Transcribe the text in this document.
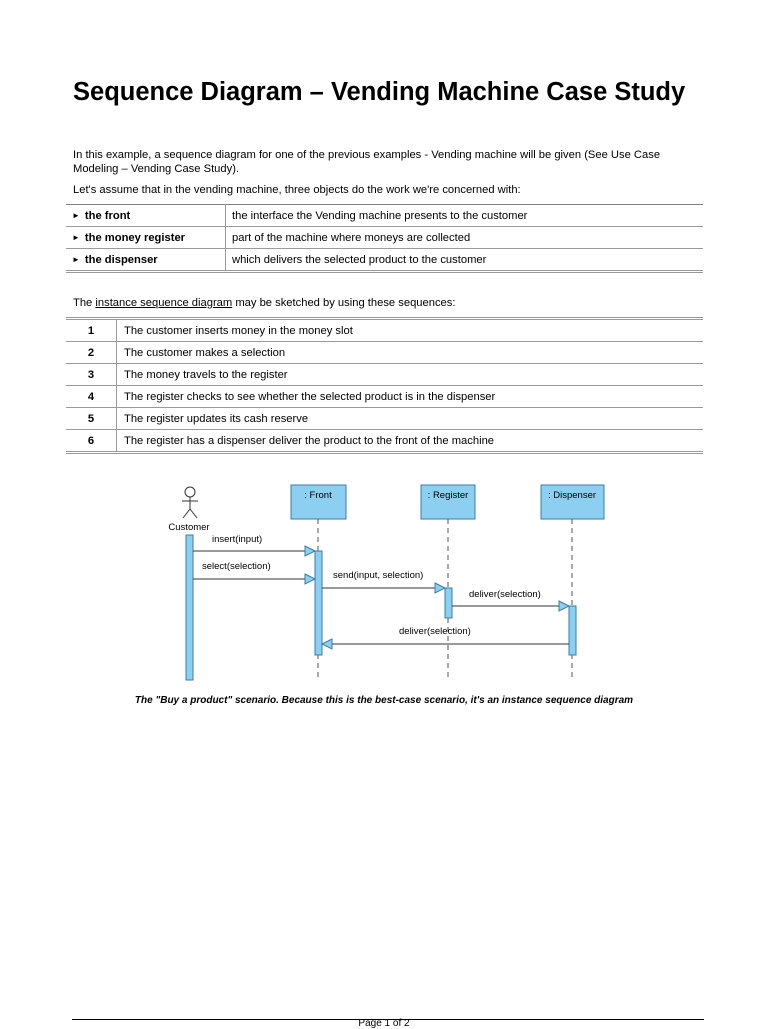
Sequence Diagram – Vending Machine Case Study

In this example, a sequence diagram for one of the previous examples - Vending machine will be given (See Use Case Modeling – Vending Case Study).

Let's assume that in the vending machine, three objects do the work we're concerned with:

► the front	the interface the Vending machine presents to the customer
► the money register	part of the machine where moneys are collected
► the dispenser	which delivers the selected product to the customer

The instance sequence diagram may be sketched by using these sequences:

1	The customer inserts money in the money slot
2	The customer makes a selection
3	The money travels to the register
4	The register checks to see whether the selected product is in the dispenser
5	The register updates its cash reserve
6	The register has a dispenser deliver the product to the front of the machine
Customer
: Front	: Register	: Dispenser
insert(input)
select(selection)
send(input, selection)
deliver(selection)
deliver(selection)

The "Buy a product" scenario. Because this is the best-case scenario, it's an instance sequence diagram

Page 1 of 2
